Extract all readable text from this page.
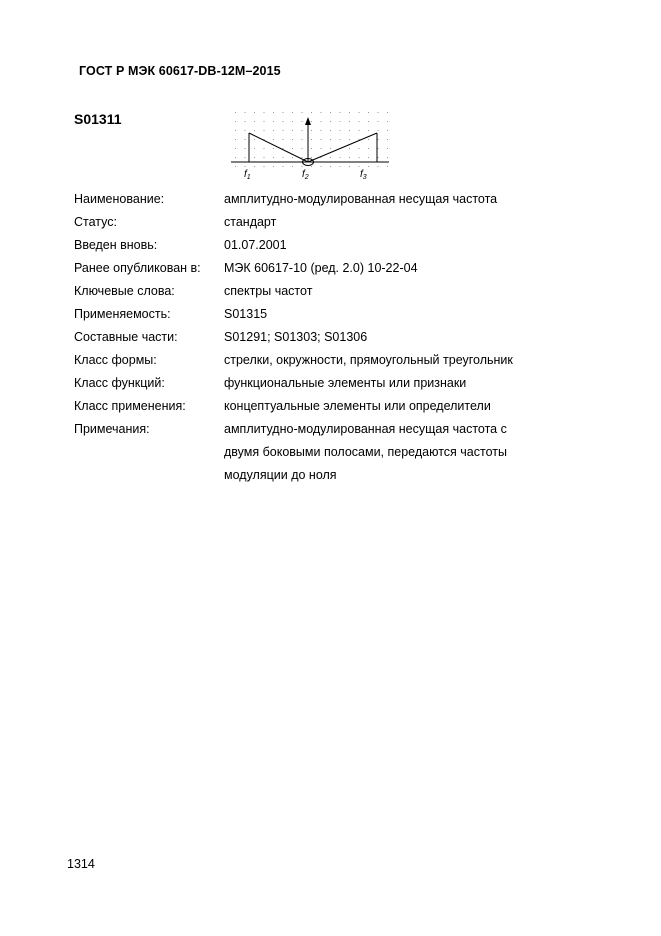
ГОСТ Р МЭК 60617-DB-12M–2015
S01311
$f_1$	$f_2$	$f_3$
Наименование:	амплитудно-модулированная несущая частота
Статус:	стандарт
Введен вновь:	01.07.2001
Ранее опубликован в:	МЭК 60617-10 (ред. 2.0) 10-22-04
Ключевые слова:	спектры частот
Применяемость:	S01315
Составные части:	S01291; S01303; S01306
Класс формы:	стрелки, окружности, прямоугольный треугольник
Класс функций:	функциональные элементы или признаки
Класс применения:	концептуальные элементы или определители
Примечания:	амплитудно-модулированная несущая частота с
двумя боковыми полосами, передаются частоты
модуляции до ноля
1314
